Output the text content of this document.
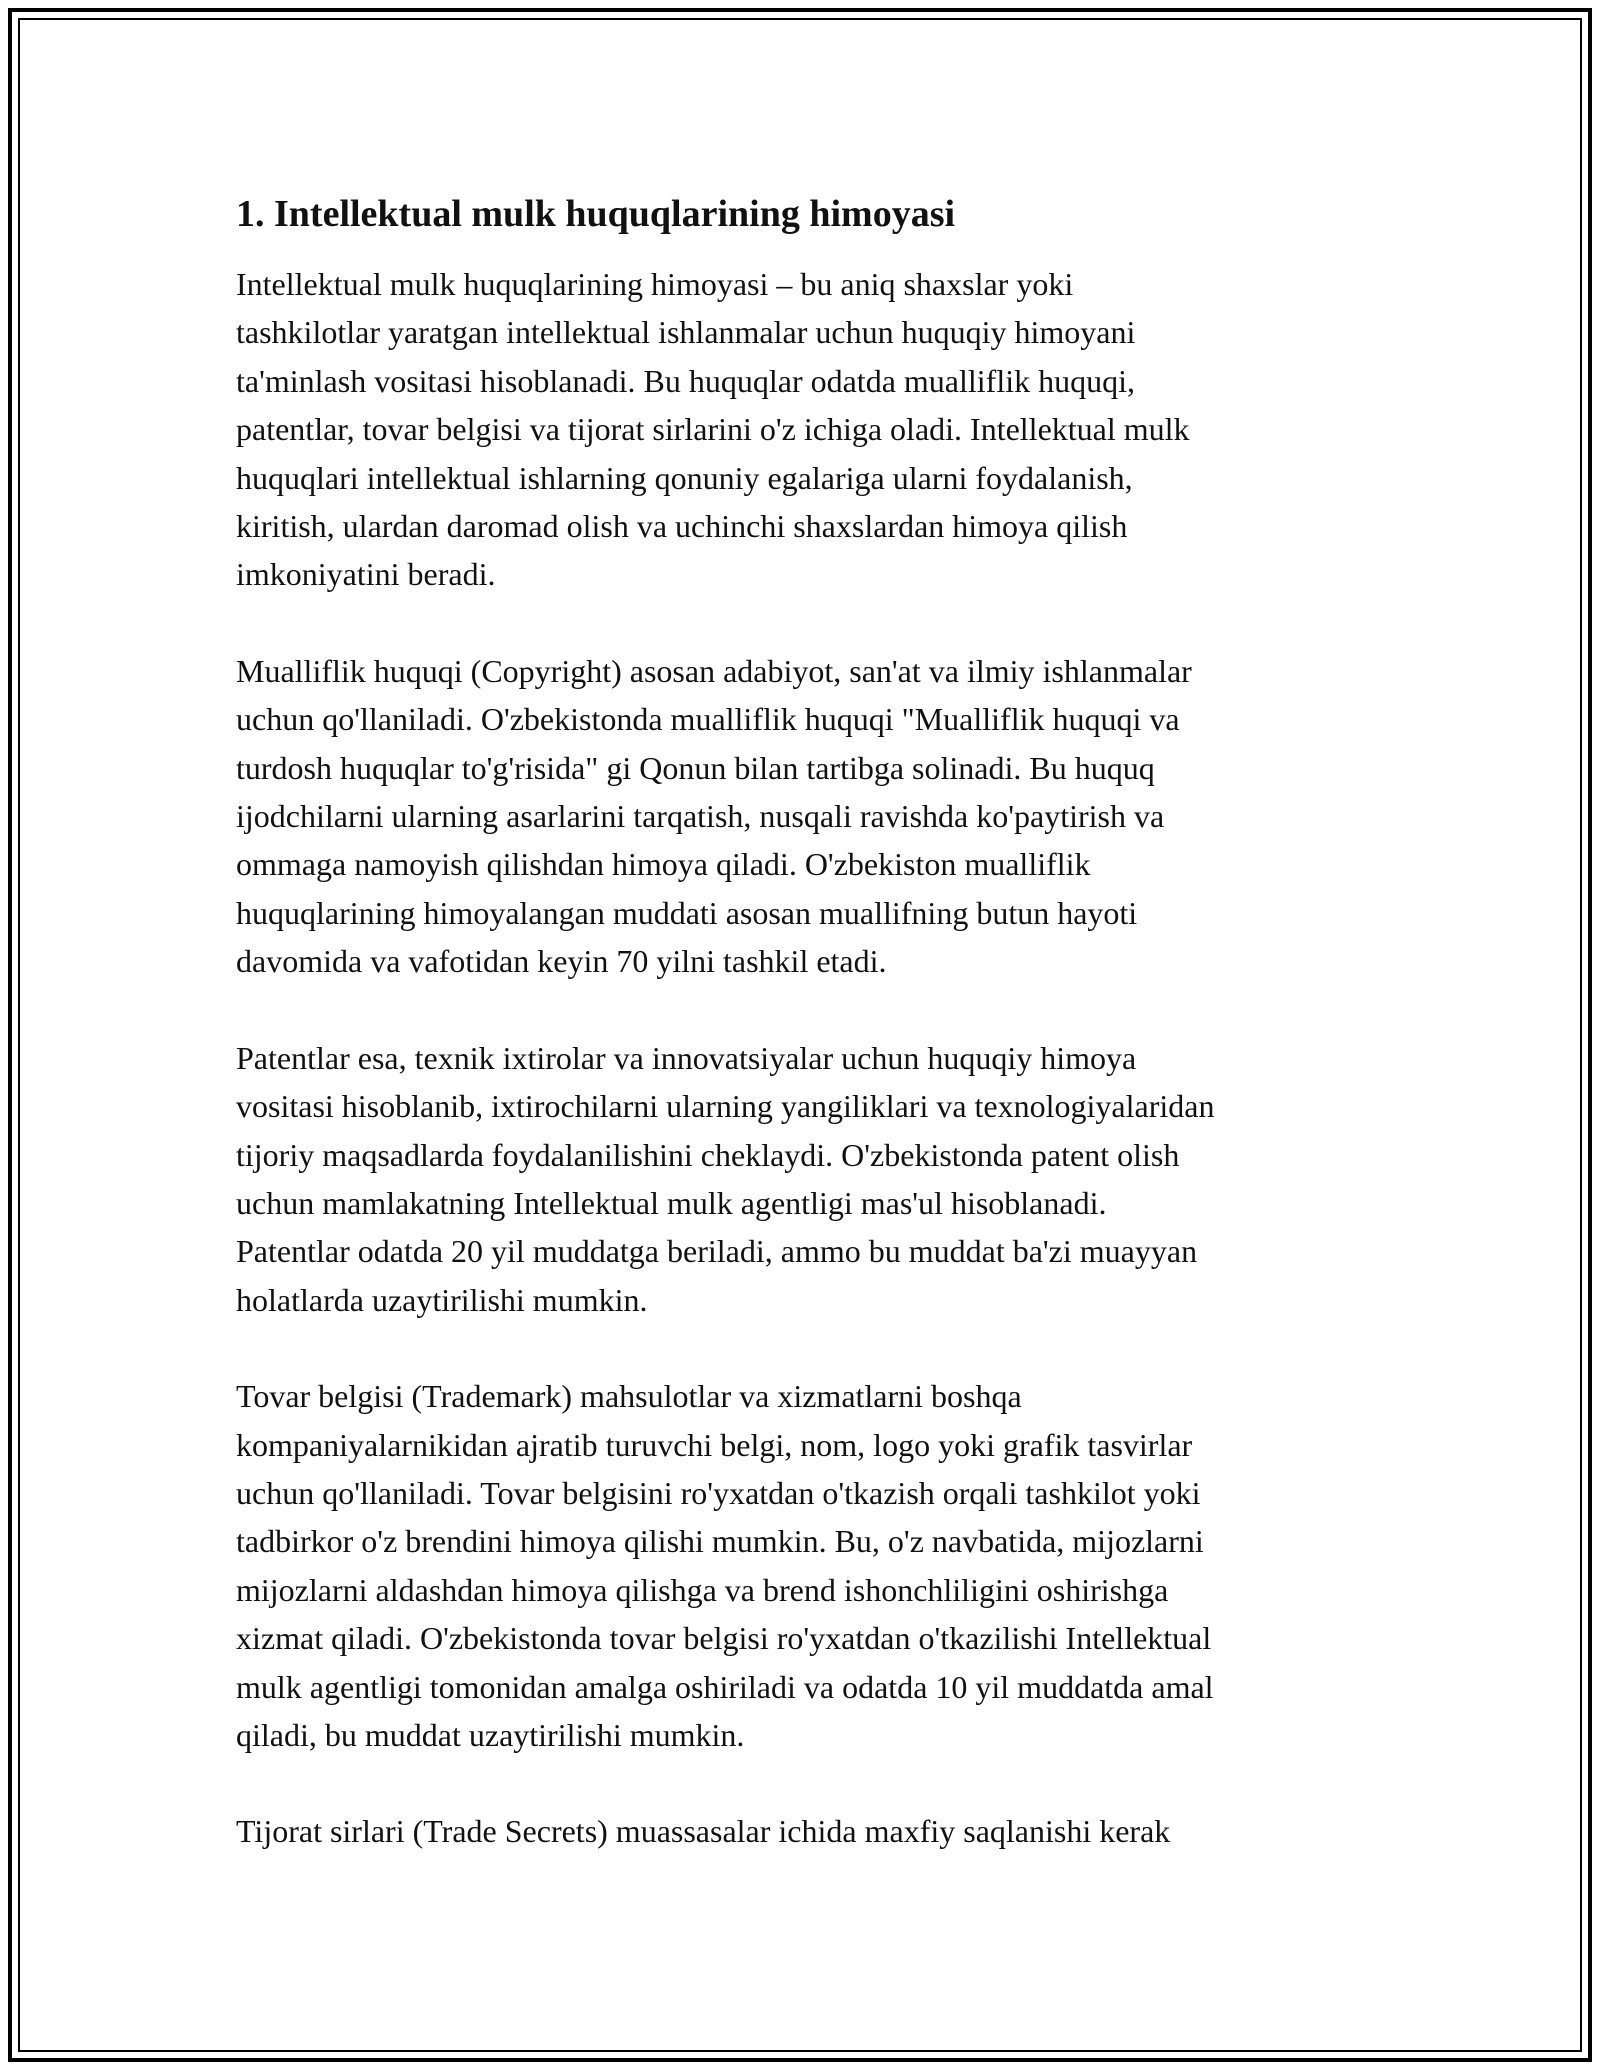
1. Intellektual mulk huquqlarining himoyasi

Intellektual mulk huquqlarining himoyasi – bu aniq shaxslar yoki
tashkilotlar yaratgan intellektual ishlanmalar uchun huquqiy himoyani
ta'minlash vositasi hisoblanadi. Bu huquqlar odatda mualliflik huquqi,
patentlar, tovar belgisi va tijorat sirlarini o'z ichiga oladi. Intellektual mulk
huquqlari intellektual ishlarning qonuniy egalariga ularni foydalanish,
kiritish, ulardan daromad olish va uchinchi shaxslardan himoya qilish
imkoniyatini beradi.

Mualliflik huquqi (Copyright) asosan adabiyot, san'at va ilmiy ishlanmalar
uchun qo'llaniladi. O'zbekistonda mualliflik huquqi "Mualliflik huquqi va
turdosh huquqlar to'g'risida" gi Qonun bilan tartibga solinadi. Bu huquq
ijodchilarni ularning asarlarini tarqatish, nusqali ravishda ko'paytirish va
ommaga namoyish qilishdan himoya qiladi. O'zbekiston mualliflik
huquqlarining himoyalangan muddati asosan muallifning butun hayoti
davomida va vafotidan keyin 70 yilni tashkil etadi.

Patentlar esa, texnik ixtirolar va innovatsiyalar uchun huquqiy himoya
vositasi hisoblanib, ixtirochilarni ularning yangiliklari va texnologiyalaridan
tijoriy maqsadlarda foydalanilishini cheklaydi. O'zbekistonda patent olish
uchun mamlakatning Intellektual mulk agentligi mas'ul hisoblanadi.
Patentlar odatda 20 yil muddatga beriladi, ammo bu muddat ba'zi muayyan
holatlarda uzaytirilishi mumkin.

Tovar belgisi (Trademark) mahsulotlar va xizmatlarni boshqa
kompaniyalarnikidan ajratib turuvchi belgi, nom, logo yoki grafik tasvirlar
uchun qo'llaniladi. Tovar belgisini ro'yxatdan o'tkazish orqali tashkilot yoki
tadbirkor o'z brendini himoya qilishi mumkin. Bu, o'z navbatida, mijozlarni
mijozlarni aldashdan himoya qilishga va brend ishonchliligini oshirishga
xizmat qiladi. O'zbekistonda tovar belgisi ro'yxatdan o'tkazilishi Intellektual
mulk agentligi tomonidan amalga oshiriladi va odatda 10 yil muddatda amal
qiladi, bu muddat uzaytirilishi mumkin.

Tijorat sirlari (Trade Secrets) muassasalar ichida maxfiy saqlanishi kerak
